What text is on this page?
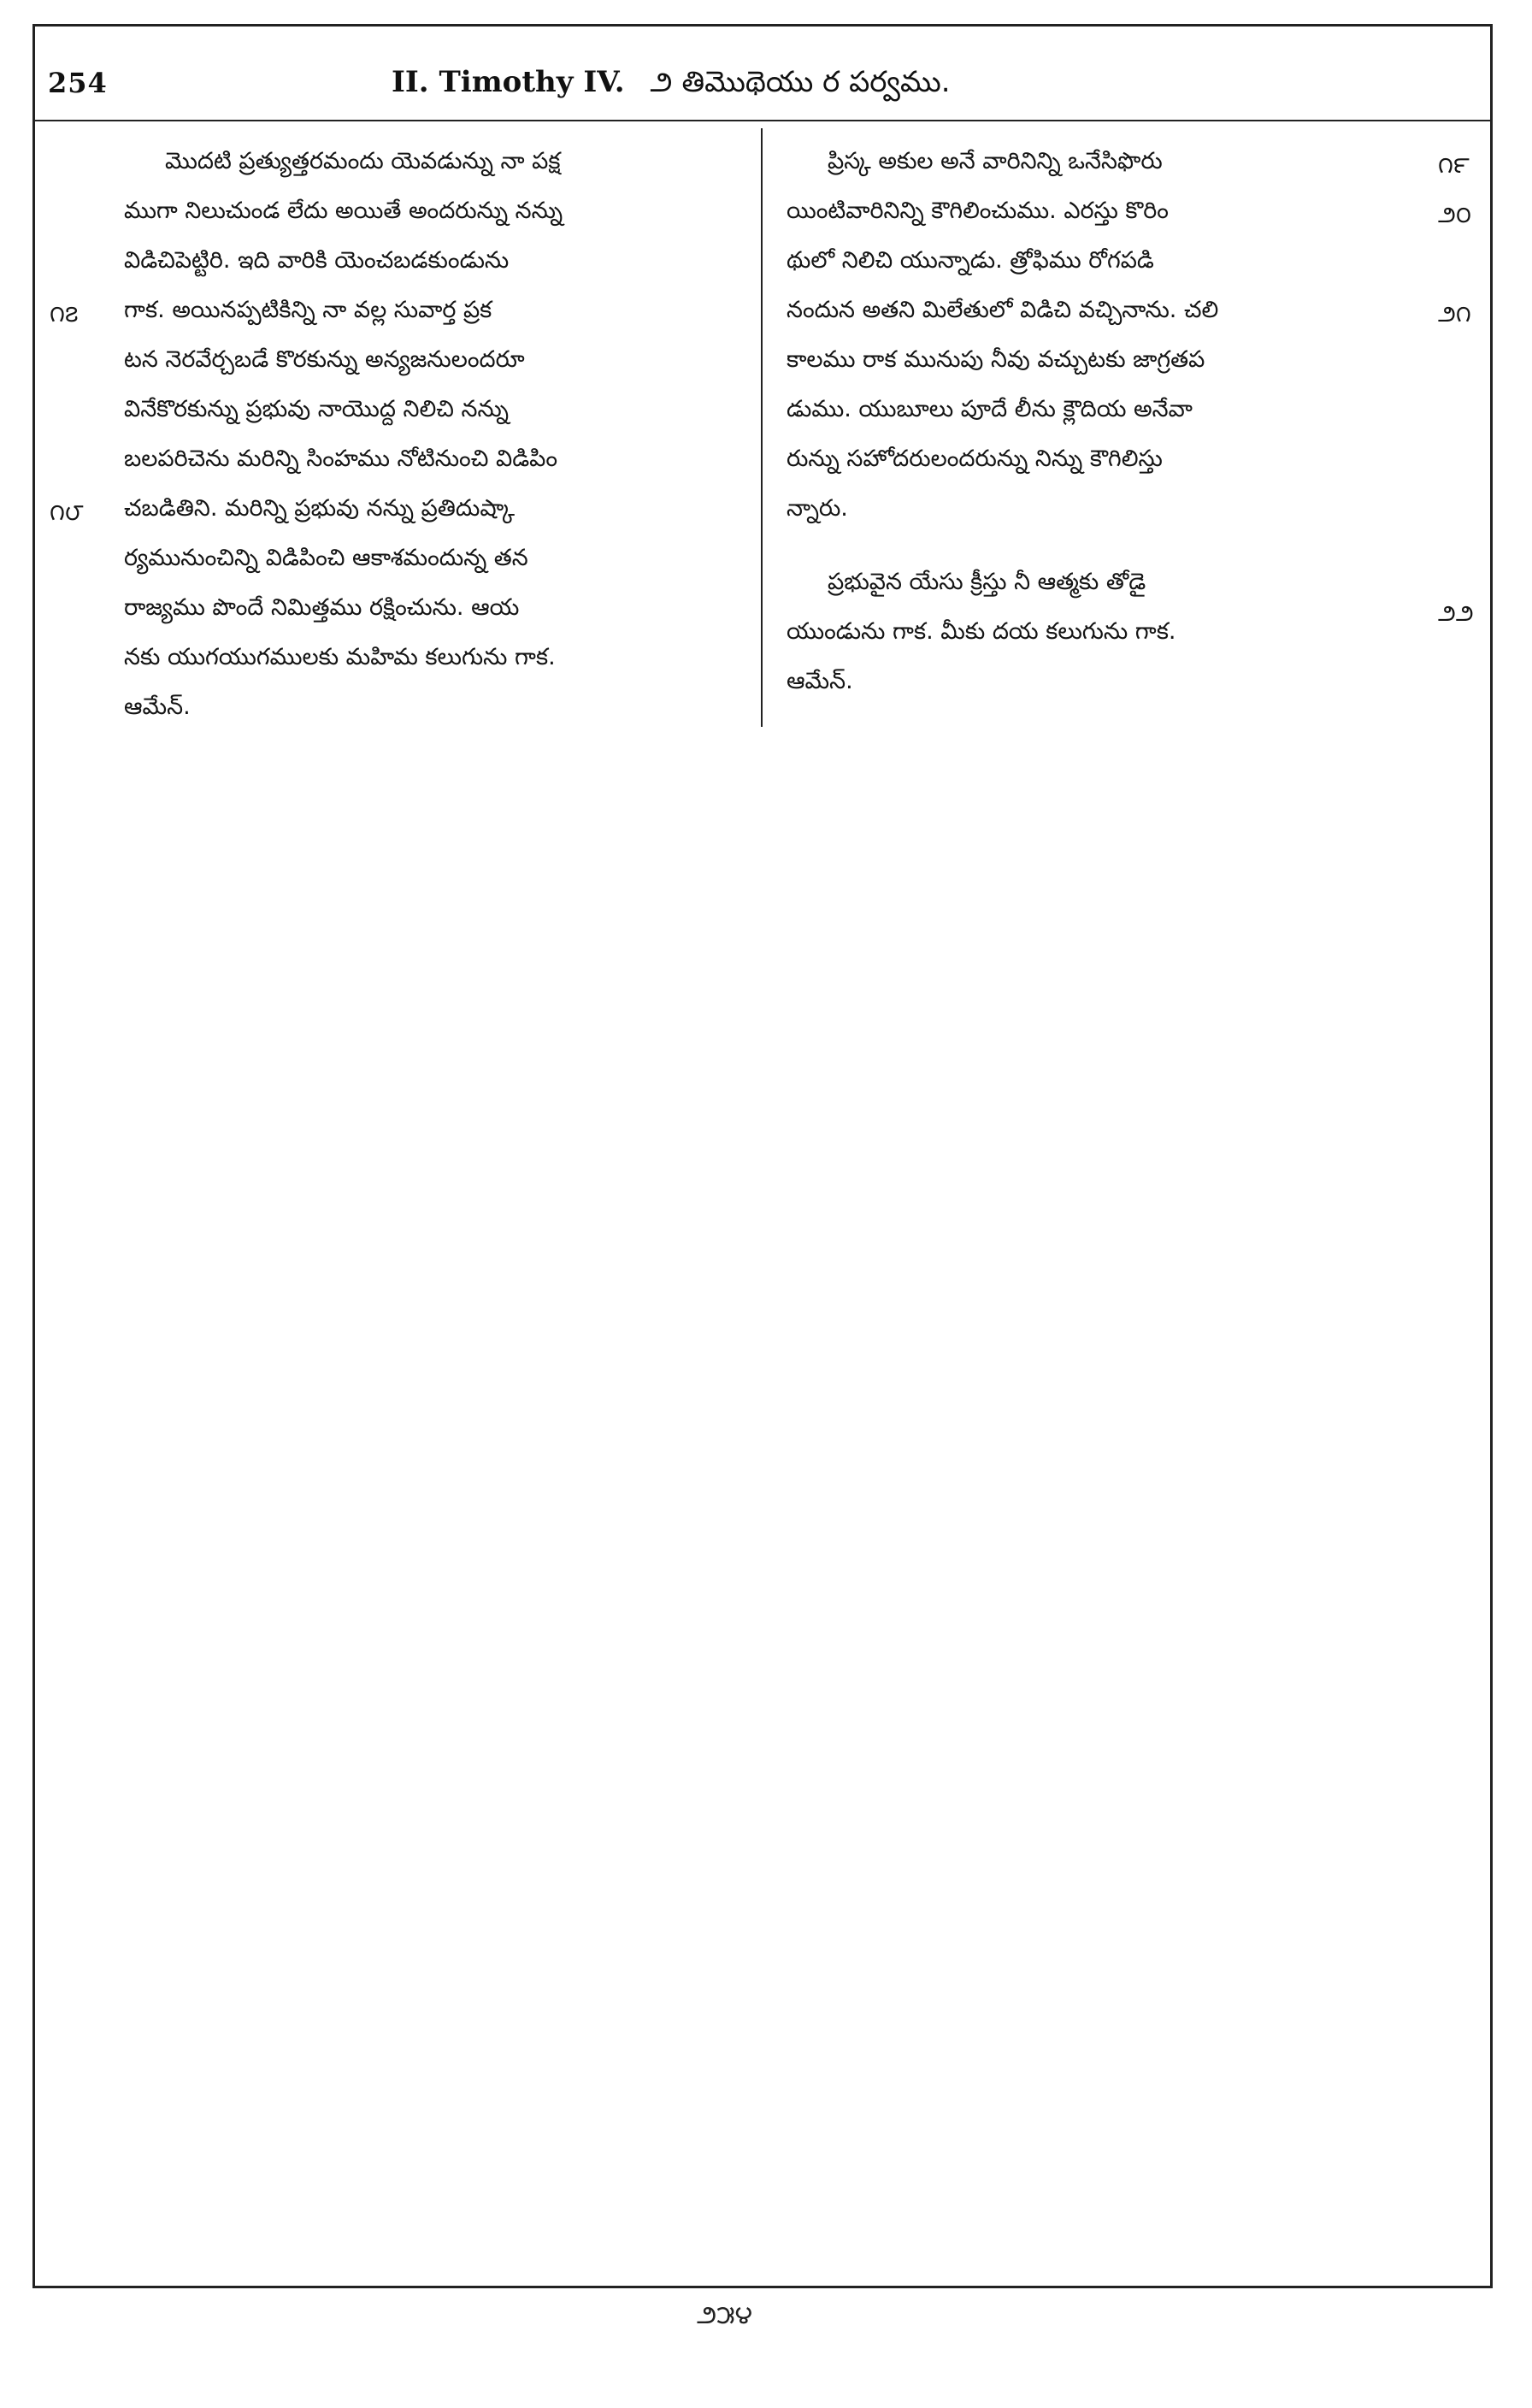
254	II. Timothy IV. ౨ తిమొథెయు ర పర్వము.
మొదటి ప్రత్యుత్తరమందు యెవడున్ను నా పక్ష
ముగా నిలుచుండ లేదు అయితే అందరున్ను నన్ను
విడిచిపెట్టిరి. ఇది వారికి యెంచబడకుండును
గాక. అయినప్పటికిన్ని నా వల్ల సువార్త ప్రక
టన నెరవేర్చబడే కొరకున్ను అన్యజనులందరూ
వినేకొరకున్ను ప్రభువు నాయొద్ద నిలిచి నన్ను
బలపరిచెను మరిన్ని సింహము నోటినుంచి విడిపిం
చబడితిని. మరిన్ని ప్రభువు నన్ను ప్రతిదుష్కా
ర్యమునుంచిన్ని విడిపించి ఆకాశమందున్న తన
రాజ్యము పొందే నిమిత్తము రక్షించును. ఆయ
నకు యుగయుగములకు మహిమ కలుగును గాక.
ఆమేన్.
౧౭
౧౮
ప్రిస్క అకుల అనే వారినిన్ని ఒనేసిఫొరు
యింటివారినిన్ని కౌగిలించుము. ఎరస్తు కొరిం
థులో నిలిచి యున్నాడు. త్రోఫిము రోగపడి
నందున అతని మిలేతులో విడిచి వచ్చినాను. చలి
కాలము రాక మునుపు నీవు వచ్చుటకు జాగ్రతప
డుము. యుబూలు పూదే లీను క్లౌదియ అనేవా
రున్ను సహోదరులందరున్ను నిన్ను కౌగిలిస్తు
న్నారు.
ప్రభువైన యేసు క్రీస్తు నీ ఆత్మకు తోడై
యుండును గాక. మీకు దయ కలుగును గాక.
ఆమేన్.
౧౯
౨౦
౨౧
౨౨
౨౫౪
